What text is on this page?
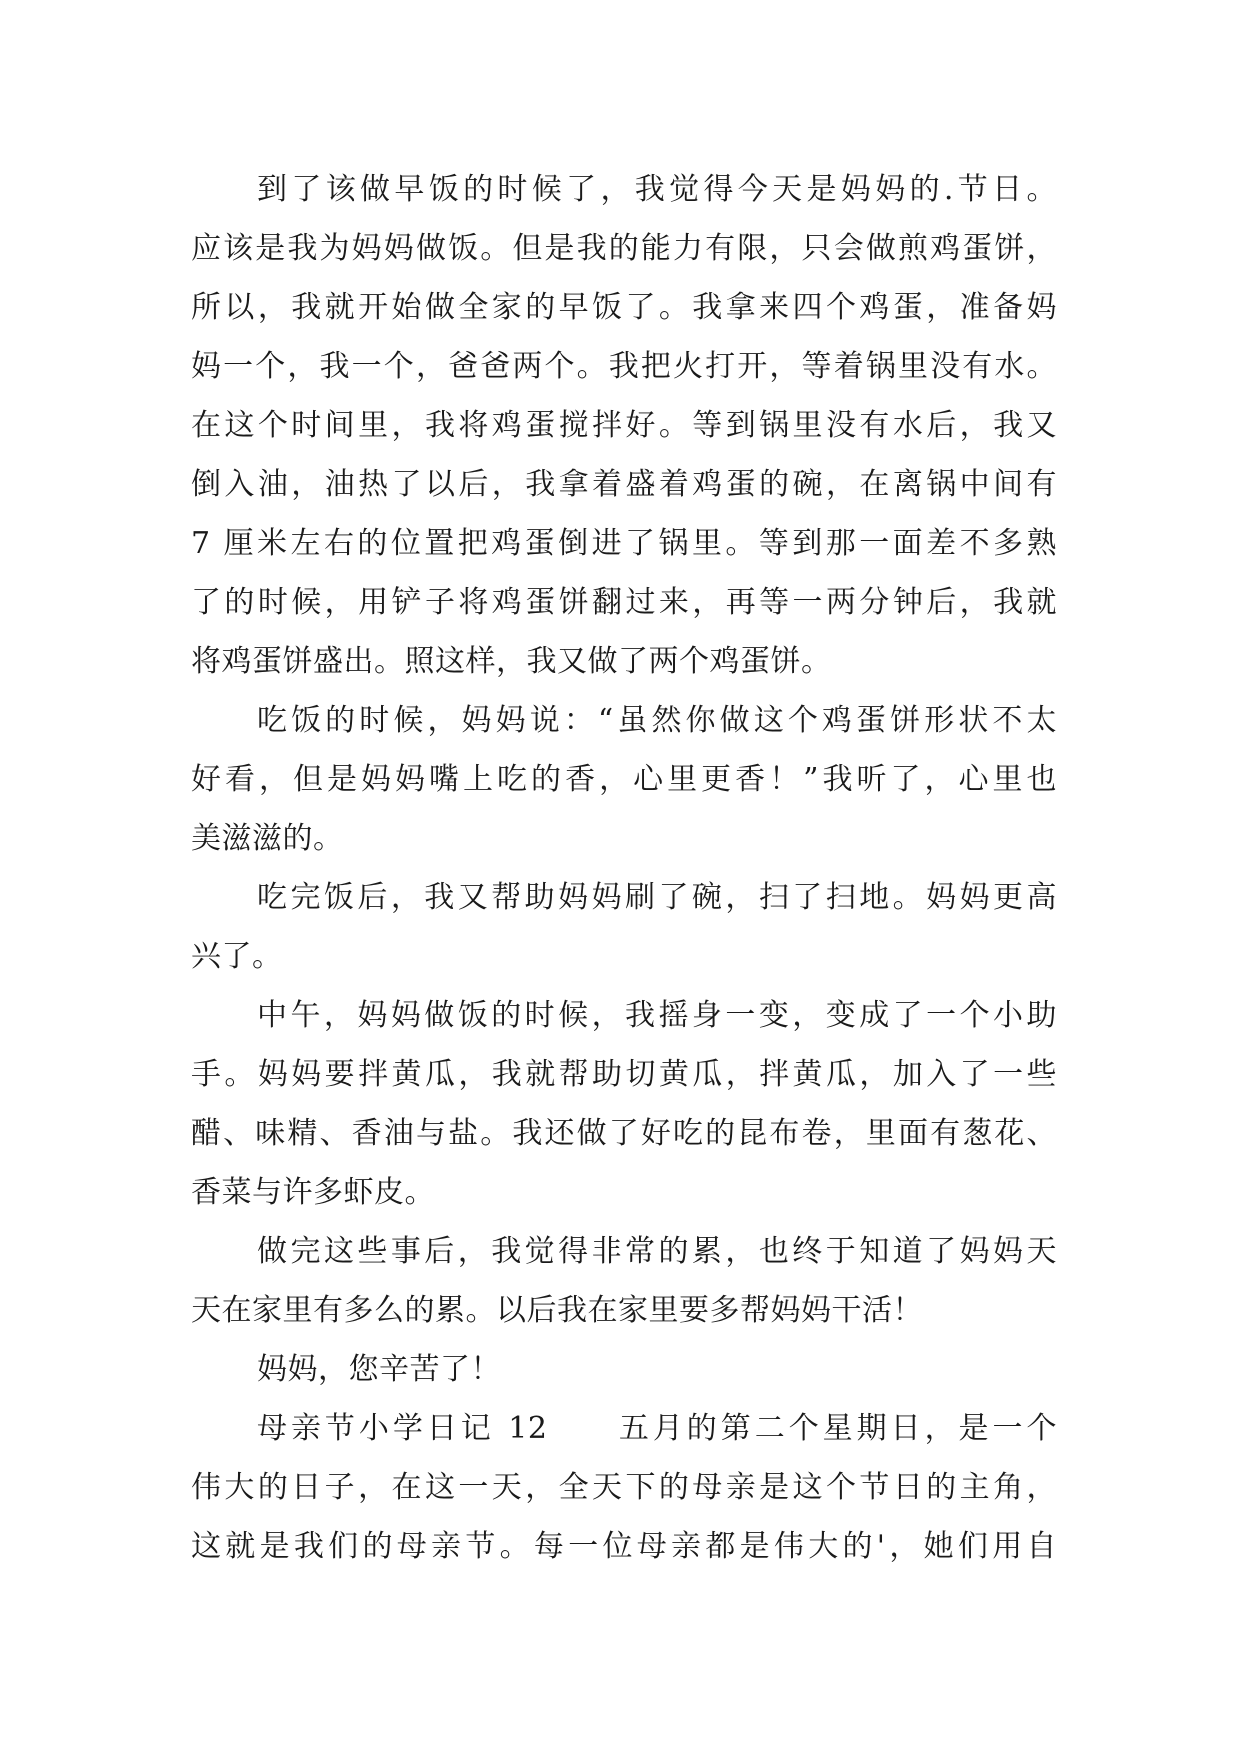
到了该做早饭的时候了，我觉得今天是妈妈的.节日。
应该是我为妈妈做饭。但是我的能力有限，只会做煎鸡蛋饼，
所以，我就开始做全家的早饭了。我拿来四个鸡蛋，准备妈
妈一个，我一个，爸爸两个。我把火打开，等着锅里没有水。
在这个时间里，我将鸡蛋搅拌好。等到锅里没有水后，我又
倒入油，油热了以后，我拿着盛着鸡蛋的碗，在离锅中间有
7 厘米左右的位置把鸡蛋倒进了锅里。等到那一面差不多熟
了的时候，用铲子将鸡蛋饼翻过来，再等一两分钟后，我就
将鸡蛋饼盛出。照这样，我又做了两个鸡蛋饼。
吃饭的时候，妈妈说：“虽然你做这个鸡蛋饼形状不太
好看，但是妈妈嘴上吃的香，心里更香！”我听了，心里也
美滋滋的。
吃完饭后，我又帮助妈妈刷了碗，扫了扫地。妈妈更高
兴了。
中午，妈妈做饭的时候，我摇身一变，变成了一个小助
手。妈妈要拌黄瓜，我就帮助切黄瓜，拌黄瓜，加入了一些
醋、味精、香油与盐。我还做了好吃的昆布卷，里面有葱花、
香菜与许多虾皮。
做完这些事后，我觉得非常的累，也终于知道了妈妈天
天在家里有多么的累。以后我在家里要多帮妈妈干活！
妈妈，您辛苦了！
母亲节小学日记 12　　五月的第二个星期日，是一个
伟大的日子，在这一天，全天下的母亲是这个节日的主角，
这就是我们的母亲节。每一位母亲都是伟大的'，她们用自
